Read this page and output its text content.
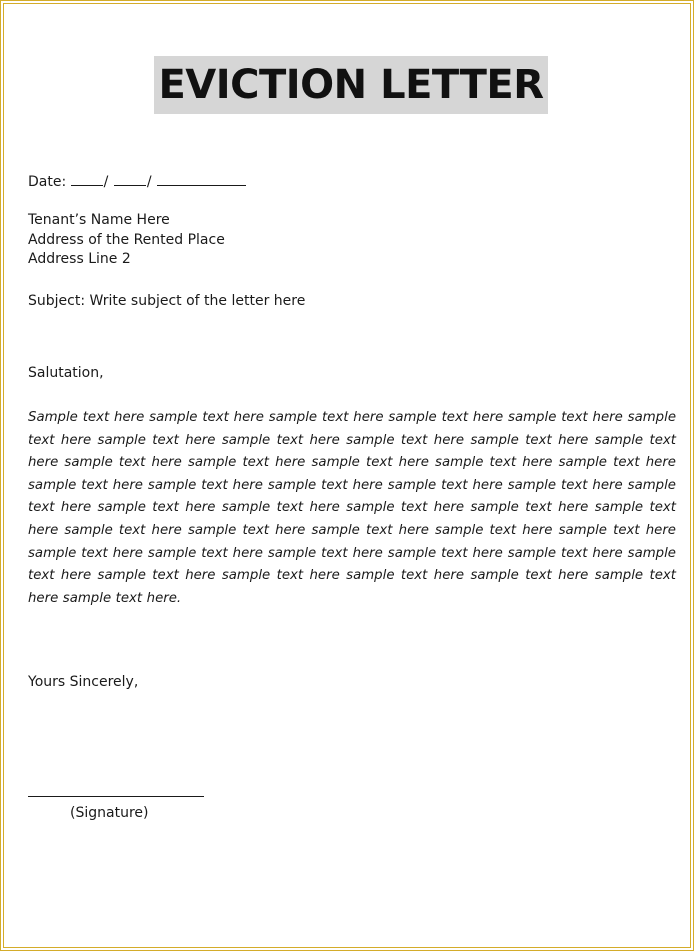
EVICTION LETTER
Date:	/	/
Tenant’s Name Here
Address of the Rented Place
Address Line 2
Subject: Write subject of the letter here
Salutation,
Sample text here sample text here sample text here sample text here sample text here sample text here sample text here sample text here sample text here sample text here sample text here sample text here sample text here sample text here sample text here sample text here sample text here sample text here sample text here sample text here sample text here sample text here sample text here sample text here sample text here sample text here sample text here sample text here sample text here sample text here sample text here sample text here sample text here sample text here sample text here sample text here sample text here sample text here sample text here sample text here sample text here sample text here sample text here sample text here.
Yours Sincerely,
(Signature)
